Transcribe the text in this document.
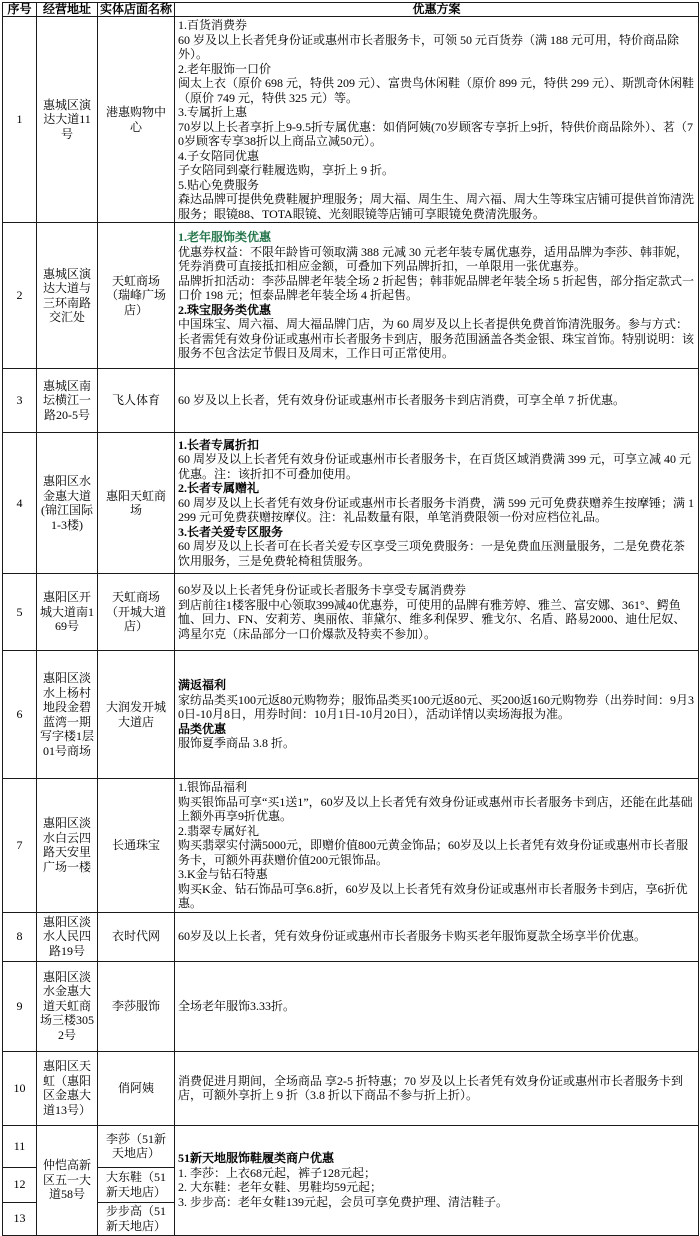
序号	经营地址	实体店面名称	优惠方案
1	惠城区演达大道11号	港惠购物中心	

1.百货消费券

60 岁及以上长者凭身份证或惠州市长者服务卡，可领 50 元百货券（满 188 元可用，特价商品除外）。

2.老年服饰一口价

闽太上衣（原价 698 元，特供 209 元）、富贵鸟休闲鞋（原价 899 元，特供 299 元）、斯凯奇休闲鞋（原价 749 元，特供 325 元）等。

3.专属折上惠

70岁以上长者享折上9-9.5折专属优惠：如俏阿姨(70岁顾客专享折上9折，特供价商品除外）、茗（70岁顾客专享38折以上商品立减50元）。

4.子女陪同优惠

子女陪同到豪行鞋履选购，享折上 9 折。

5.贴心免费服务

森达品牌可提供免费鞋履护理服务；周大福、周生生、周六福、周大生等珠宝店铺可提供首饰清洗服务；眼镜88、TOTA眼镜、光刻眼镜等店铺可享眼镜免费清洗服务。

2	惠城区演达大道与三环南路交汇处	天虹商场（瑞峰广场店）	1.老年服饰类优惠

优惠券权益：不限年龄皆可领取满 388 元减 30 元老年装专属优惠券，适用品牌为李莎、韩菲妮，凭券消费可直接抵扣相应金额，可叠加下列品牌折扣，一单限用一张优惠券。

品牌折扣活动：李莎品牌老年装全场 2 折起售；韩菲妮品牌老年装全场 5 折起售，部分指定款式一口价 198 元；恒泰品牌老年装全场 4 折起售。

2.珠宝服务类优惠

中国珠宝、周六福、周大福品牌门店，为 60 周岁及以上长者提供免费首饰清洗服务。参与方式：长者需凭有效身份证或惠州市长者服务卡到店，服务范围涵盖各类金银、珠宝首饰。特别说明：该服务不包含法定节假日及周末，工作日可正常使用。

3	惠城区南坛横江一路20-5号	飞人体育	60 岁及以上长者，凭有效身份证或惠州市长者服务卡到店消费，可享全单 7 折优惠。

4	惠阳区水金惠大道(锦江国际1-3楼)	惠阳天虹商场	

1.长者专属折扣

60 周岁及以上长者凭有效身份证或惠州市长者服务卡，在百货区域消费满 399 元，可享立减 40 元优惠。注：该折扣不可叠加使用。

2.长者专属赠礼

60 周岁及以上长者凭有效身份证或惠州市长者服务卡消费，满 599 元可免费获赠养生按摩锤；满 1299 元可免费获赠按摩仪。注：礼品数量有限，单笔消费限领一份对应档位礼品。

3.长者关爱专区服务

60 周岁及以上长者可在长者关爱专区享受三项免费服务：一是免费血压测量服务，二是免费花茶饮用服务，三是免费轮椅租赁服务。

5	惠阳区开城大道南169号	天虹商场（开城大道店）	60岁及以上长者凭身份证或长者服务卡享受专属消费券

到店前往1楼客服中心领取399减40优惠券，可使用的品牌有雅芳婷、雅兰、富安娜、361°、鳄鱼恤、回力、FN、安莉芳、奥丽侬、菲黛尔、维多利保罗、雅戈尔、名盾、路易2000、迪仕尼奴、鸿星尔克（床品部分一口价爆款及特卖不参加）。

6	惠阳区淡水上杨村地段金碧蓝湾一期写字楼1层01号商场	大润发开城大道店	满返福利

家纺品类买100元返80元购物券；服饰品类买100元返80元、买200返160元购物券（出券时间：9月30日-10月8日，用券时间：10月1日-10月20日），活动详情以卖场海报为准。

品类优惠

服饰夏季商品 3.8 折。

7	惠阳区淡水白云四路天安里广场一楼	长通珠宝	

1.银饰品福利

购买银饰品可享“买1送1”，60岁及以上长者凭有效身份证或惠州市长者服务卡到店，还能在此基础上额外再享9折优惠。

2.翡翠专属好礼

购买翡翠实付满5000元，即赠价值800元黄金饰品；60岁及以上长者凭有效身份证或惠州市长者服务卡，可额外再获赠价值200元银饰品。

3.K金与钻石特惠

购买K金、钻石饰品可享6.8折，60岁及以上长者凭有效身份证或惠州市长者服务卡到店，享6折优惠。

8	惠阳区淡水人民四路19号	衣时代网	60岁及以上长者，凭有效身份证或惠州市长者服务卡购买老年服饰夏款全场享半价优惠。

9	惠阳区淡水金惠大道天虹商场三楼3052号	李莎服饰	全场老年服饰3.33折。

10	惠阳区天虹（惠阳区金惠大道13号）	俏阿姨	消费促进月期间，全场商品 享2-5 折特惠；70 岁及以上长者凭有效身份证或惠州市长者服务卡到店，可额外享折上 9 折（3.8 折以下商品不参与折上折）。

11	仲恺高新区五一大道58号	李莎（51新天地店）	51新天地服饰鞋履类商户优惠

1. 李莎：上衣68元起，裤子128元起；

2. 大东鞋：老年女鞋、男鞋均59元起；

3. 步步高：老年女鞋139元起，会员可享免费护理、清洁鞋子。

12		大东鞋（51新天地店）	
13		步步高（51新天地店）	
